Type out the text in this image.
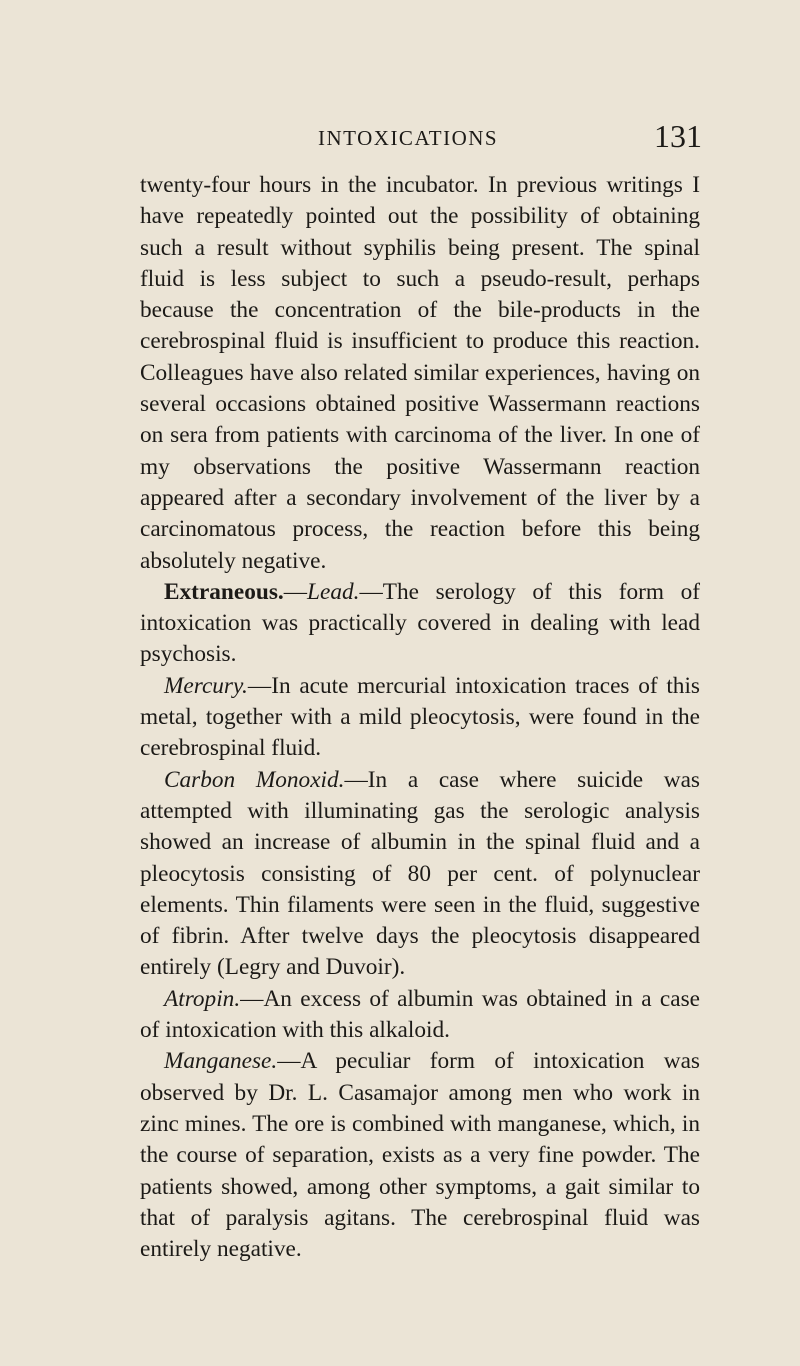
INTOXICATIONS	131

twenty-four hours in the incubator. In previous writings I have repeatedly pointed out the possibility of obtaining such a result without syphilis being present. The spinal fluid is less subject to such a pseudo-result, perhaps because the concentration of the bile-products in the cerebrospinal fluid is insufficient to produce this reaction. Colleagues have also related similar experiences, having on several occasions obtained positive Wassermann reactions on sera from patients with carcinoma of the liver. In one of my observations the positive Wassermann reaction appeared after a secondary involvement of the liver by a carcinomatous process, the reaction before this being absolutely negative.

Extraneous.—Lead.—The serology of this form of intoxication was practically covered in dealing with lead psychosis.

Mercury.—In acute mercurial intoxication traces of this metal, together with a mild pleocytosis, were found in the cerebrospinal fluid.

Carbon Monoxid.—In a case where suicide was attempted with illuminating gas the serologic analysis showed an increase of albumin in the spinal fluid and a pleocytosis consisting of 80 per cent. of polynuclear elements. Thin filaments were seen in the fluid, suggestive of fibrin. After twelve days the pleocytosis disappeared entirely (Legry and Duvoir).

Atropin.—An excess of albumin was obtained in a case of intoxication with this alkaloid.

Manganese.—A peculiar form of intoxication was observed by Dr. L. Casamajor among men who work in zinc mines. The ore is combined with manganese, which, in the course of separation, exists as a very fine powder. The patients showed, among other symptoms, a gait similar to that of paralysis agitans. The cerebrospinal fluid was entirely negative.
